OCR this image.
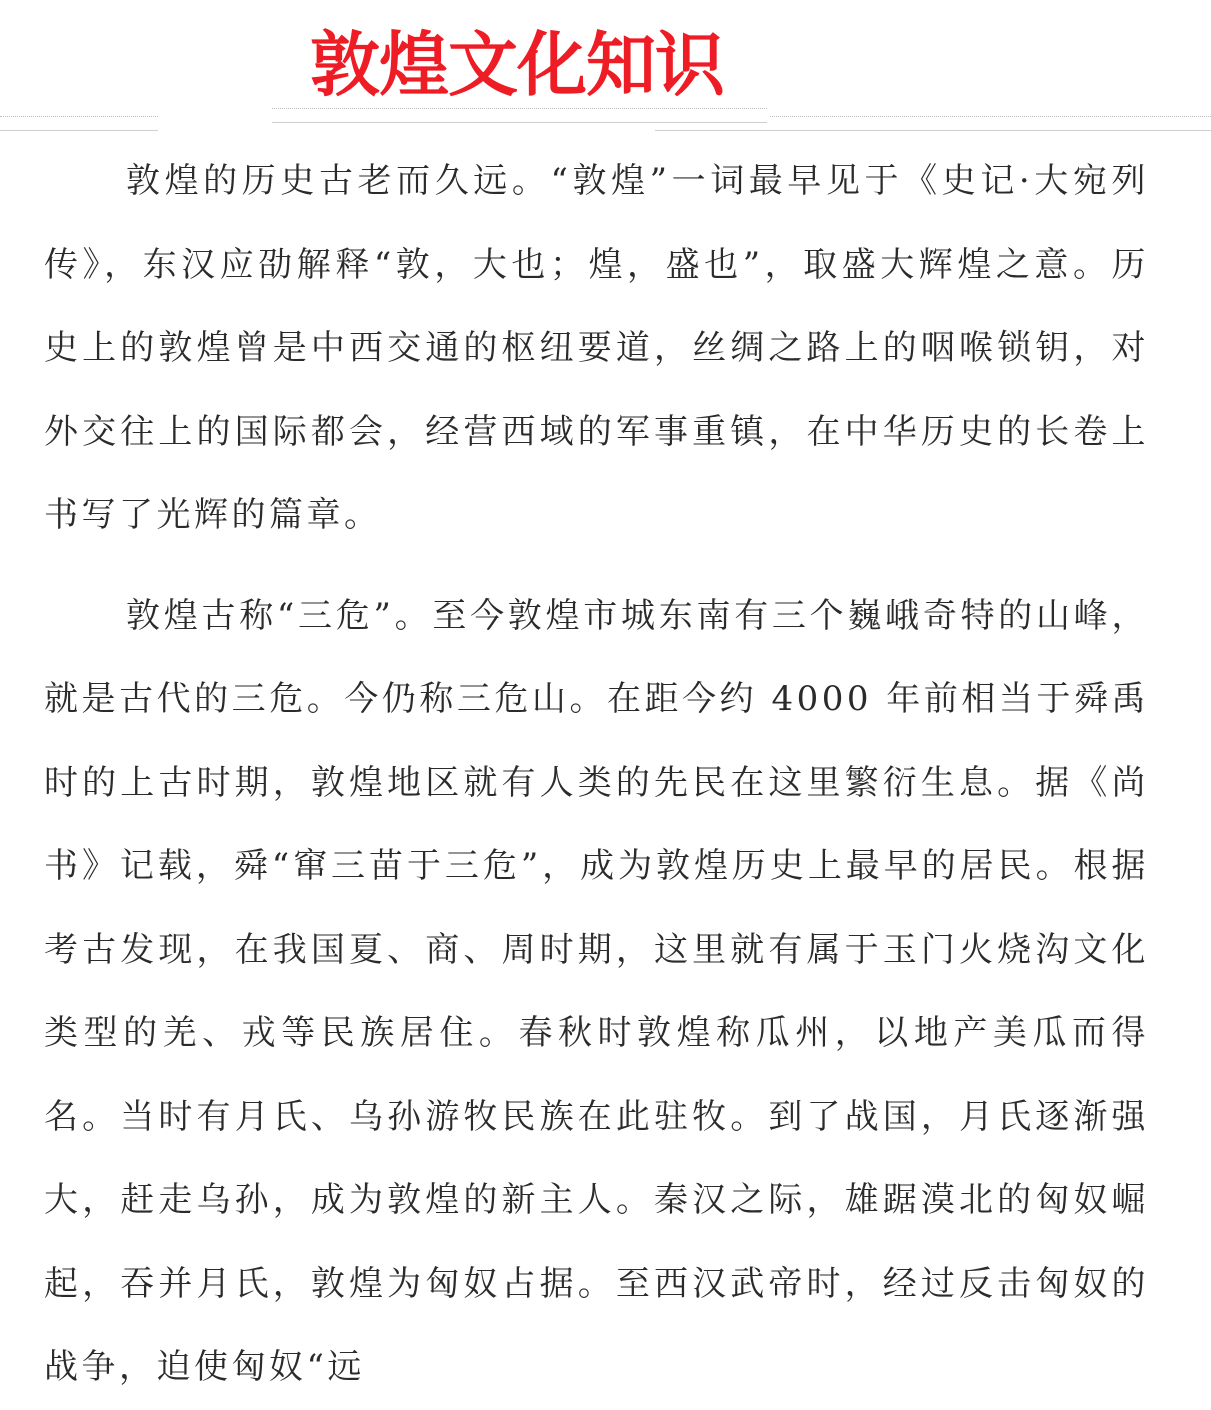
敦煌文化知识

敦煌的历史古老而久远。“敦煌”一词最早见于《史记·大宛列传》，东汉应劭解释“敦，大也；煌，盛也”，取盛大辉煌之意。历史上的敦煌曾是中西交通的枢纽要道，丝绸之路上的咽喉锁钥，对外交往上的国际都会，经营西域的军事重镇，在中华历史的长卷上书写了光辉的篇章。

敦煌古称“三危”。至今敦煌市城东南有三个巍峨奇特的山峰，就是古代的三危。今仍称三危山。在距今约 4000 年前相当于舜禹时的上古时期，敦煌地区就有人类的先民在这里繁衍生息。据《尚书》记载，舜“窜三苗于三危”，成为敦煌历史上最早的居民。根据考古发现，在我国夏、商、周时期，这里就有属于玉门火烧沟文化类型的羌、戎等民族居住。春秋时敦煌称瓜州，以地产美瓜而得名。当时有月氏、乌孙游牧民族在此驻牧。到了战国，月氏逐渐强大，赶走乌孙，成为敦煌的新主人。秦汉之际，雄踞漠北的匈奴崛起，吞并月氏，敦煌为匈奴占据。至西汉武帝时，经过反击匈奴的战争，迫使匈奴“远
